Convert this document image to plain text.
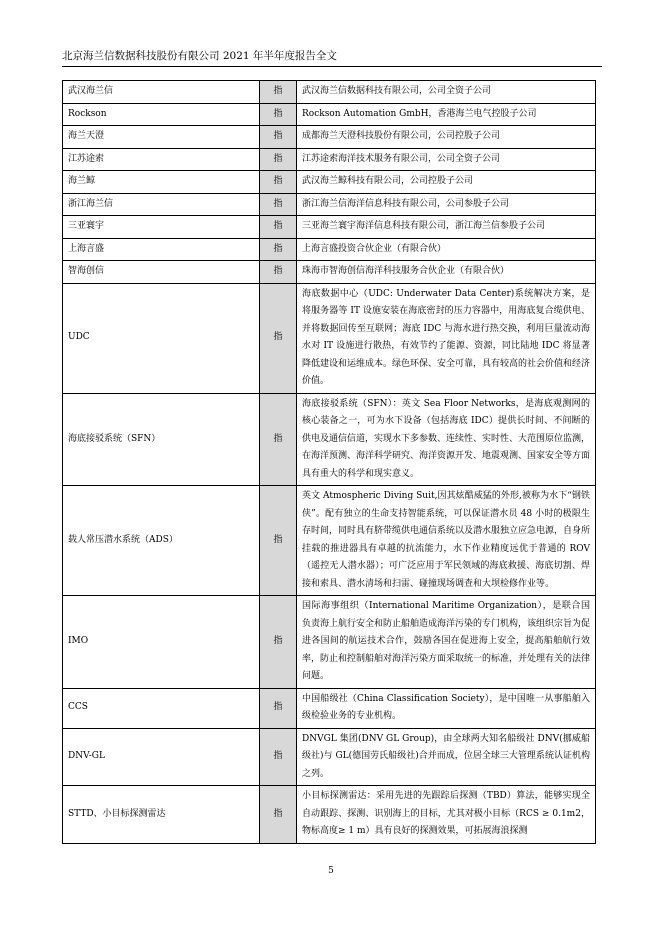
北京海兰信数据科技股份有限公司 2021 年半年度报告全文
武汉海兰信	指	武汉海兰信数据科技有限公司，公司全资子公司
Rockson	指	Rockson Automation GmbH，香港海兰电气控股子公司
海兰天澄	指	成都海兰天澄科技股份有限公司，公司控股子公司
江苏途索	指	江苏途索海洋技术服务有限公司，公司全资子公司
海兰鲸	指	武汉海兰鲸科技有限公司，公司控股子公司
浙江海兰信	指	浙江海兰信海洋信息科技有限公司，公司参股子公司
三亚寰宇	指	三亚海兰寰宇海洋信息科技有限公司，浙江海兰信参股子公司
上海言盛	指	上海言盛投资合伙企业（有限合伙）
智海创信	指	珠海市智海创信海洋科技服务合伙企业（有限合伙）
UDC	指	海底数据中心（UDC: Underwater Data Center)系统解决方案，是将服务器等 IT 设施安装在海底密封的压力容器中，用海底复合缆供电、并将数据回传至互联网；海底 IDC 与海水进行热交换，利用巨量流动海水对 IT 设施进行散热，有效节约了能源、资源，同比陆地 IDC 将显著降低建设和运维成本。绿色环保、安全可靠，具有较高的社会价值和经济价值。
海底接驳系统（SFN）	指	海底接驳系统（SFN）：英文 Sea Floor Networks，是海底观测网的核心装备之一，可为水下设备（包括海底 IDC）提供长时间、不间断的供电及通信信道，实现水下多参数、连续性、实时性、大范围原位监测，在海洋预测、海洋科学研究、海洋资源开发、地震观测、国家安全等方面具有重大的科学和现实意义。
载人常压潜水系统（ADS）	指	英文 Atmospheric Diving Suit,因其炫酷威猛的外形,被称为水下“钢铁侠”。配有独立的生命支持智能系统，可以保证潜水员 48 小时的极限生存时间，同时具有脐带缆供电通信系统以及潜水服独立应急电源，自身所挂载的推进器具有卓越的抗流能力，水下作业精度远优于普通的 ROV（遥控无人潜水器）；可广泛应用于军民领域的海底救援、海底切割、焊接和索具、潜水清场和扫雷、碰撞现场调查和大坝检修作业等。
IMO	指	国际海事组织（International Maritime Organization），是联合国负责海上航行安全和防止船舶造成海洋污染的专门机构，该组织宗旨为促进各国间的航运技术合作，鼓励各国在促进海上安全，提高船舶航行效率，防止和控制船舶对海洋污染方面采取统一的标准，并处理有关的法律问题。
CCS	指	中国船级社（China Classification Society），是中国唯一从事船舶入级检验业务的专业机构。
DNV-GL	指	DNVGL 集团(DNV GL Group)，由全球两大知名船级社 DNV(挪威船级社)与 GL(德国劳氏船级社)合并而成，位居全球三大管理系统认证机构之列。
STTD、小目标探测雷达	指	小目标探测雷达：采用先进的先跟踪后探测（TBD）算法，能够实现全自动跟踪、探测、识别海上的目标，尤其对极小目标（RCS ≥ 0.1m2，物标高度≥ 1 m）具有良好的探测效果，可拓展海浪探测
5
